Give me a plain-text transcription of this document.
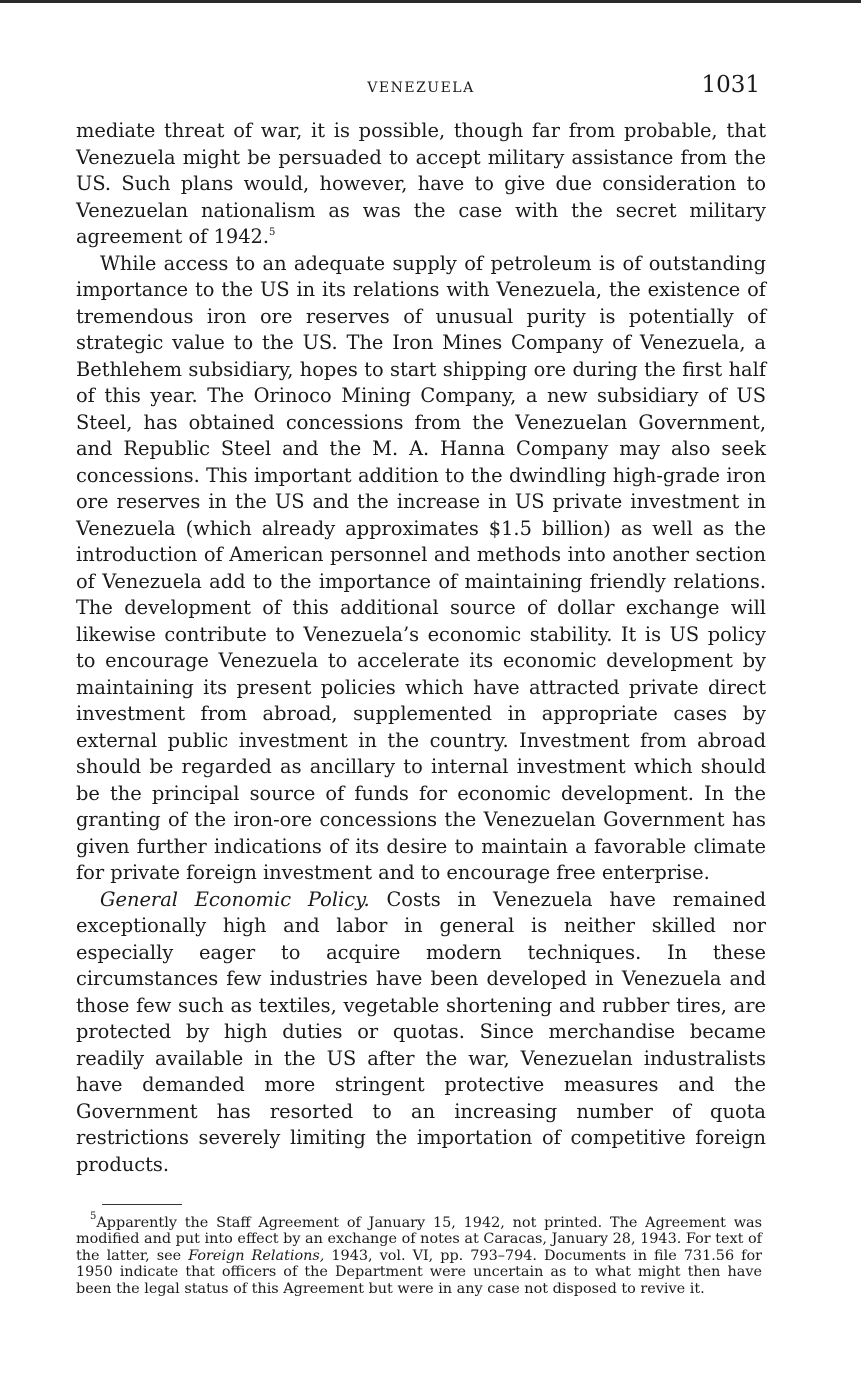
VENEZUELA	1031

mediate threat of war, it is possible, though far from probable, that Venezuela might be persuaded to accept military assistance from the US. Such plans would, however, have to give due consideration to Venezuelan nationalism as was the case with the secret military agreement of 1942.$^5$

While access to an adequate supply of petroleum is of outstanding importance to the US in its relations with Venezuela, the existence of tremendous iron ore reserves of unusual purity is potentially of strategic value to the US. The Iron Mines Company of Venezuela, a Bethlehem subsidiary, hopes to start shipping ore during the first half of this year. The Orinoco Mining Company, a new subsidiary of US Steel, has obtained concessions from the Venezuelan Government, and Republic Steel and the M. A. Hanna Company may also seek concessions. This important addition to the dwindling high-grade iron ore reserves in the US and the increase in US private investment in Venezuela (which already approximates $1.5 billion) as well as the introduction of American personnel and methods into another section of Venezuela add to the importance of maintaining friendly relations. The development of this additional source of dollar exchange will likewise contribute to Venezuela’s economic stability. It is US policy to encourage Venezuela to accelerate its economic development by maintaining its present policies which have attracted private direct investment from abroad, supplemented in appropriate cases by external public investment in the country. Investment from abroad should be regarded as ancillary to internal investment which should be the principal source of funds for economic development. In the granting of the iron-ore concessions the Venezuelan Government has given further indications of its desire to maintain a favorable climate for private foreign investment and to encourage free enterprise.

General Economic Policy. Costs in Venezuela have remained exceptionally high and labor in general is neither skilled nor especially eager to acquire modern techniques. In these circumstances few industries have been developed in Venezuela and those few such as textiles, vegetable shortening and rubber tires, are protected by high duties or quotas. Since merchandise became readily available in the US after the war, Venezuelan industralists have demanded more stringent protective measures and the Government has resorted to an increasing number of quota restrictions severely limiting the importation of competitive foreign products.

$^5$Apparently the Staff Agreement of January 15, 1942, not printed. The Agreement was modified and put into effect by an exchange of notes at Caracas, January 28, 1943. For text of the latter, see Foreign Relations, 1943, vol. VI, pp. 793–794. Documents in file 731.56 for 1950 indicate that officers of the Department were uncertain as to what might then have been the legal status of this Agreement but were in any case not disposed to revive it.
